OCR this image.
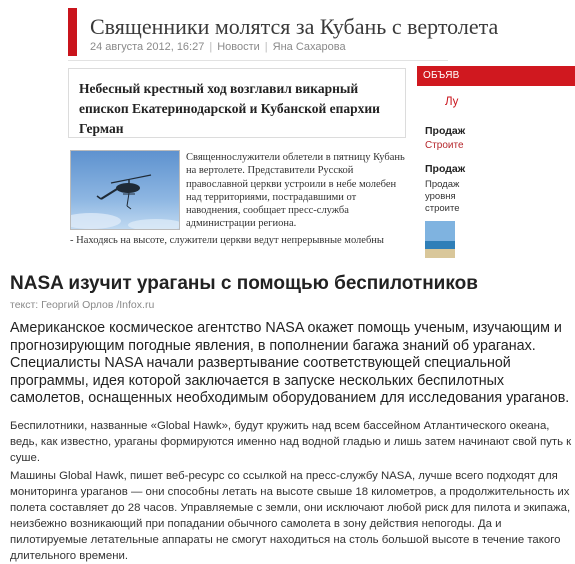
Священники молятся за Кубань с вертолета
24 августа 2012, 16:27 | Новости | Яна Сахарова

Небесный крестный ход возглавил викарный епископ Екатеринодарской и Кубанской епархии Герман

Священнослужители облетели в пятницу Кубань на вертолете. Представители Русской православной церкви устроили в небе молебен над территориями, пострадавшими от наводнения, сообщает пресс-служба администрации региона.

- Находясь на высоте, служители церкви ведут непрерывные молебны

ОБЪЯВ
Лу
Продаж
Строите
Продаж
Продаж
уровня
строите
NASA изучит ураганы с помощью беспилотников
текст: Георгий Орлов /Infox.ru

Американское космическое агентство NASA окажет помощь ученым, изучающим и прогнозирующим погодные явления, в пополнении багажа знаний об ураганах. Специалисты NASA начали развертывание соответствующей специальной программы, идея которой заключается в запуске нескольких беспилотных самолетов, оснащенных необходимым оборудованием для исследования ураганов.

Беспилотники, названные «Global Hawk», будут кружить над всем бассейном Атлантического океана, ведь, как известно, ураганы формируются именно над водной гладью и лишь затем начинают свой путь к суше.

Машины Global Hawk, пишет веб-ресурс со ссылкой на пресс-службу NASA, лучше всего подходят для мониторинга ураганов — они способны летать на высоте свыше 18 километров, а продолжительность их полета составляет до 28 часов. Управляемые с земли, они исключают любой риск для пилота и экипажа, неизбежно возникающий при попадании обычного самолета в зону действия непогоды. Да и пилотируемые летательные аппараты не смогут находиться на столь большой высоте в течение такого длительного времени.
